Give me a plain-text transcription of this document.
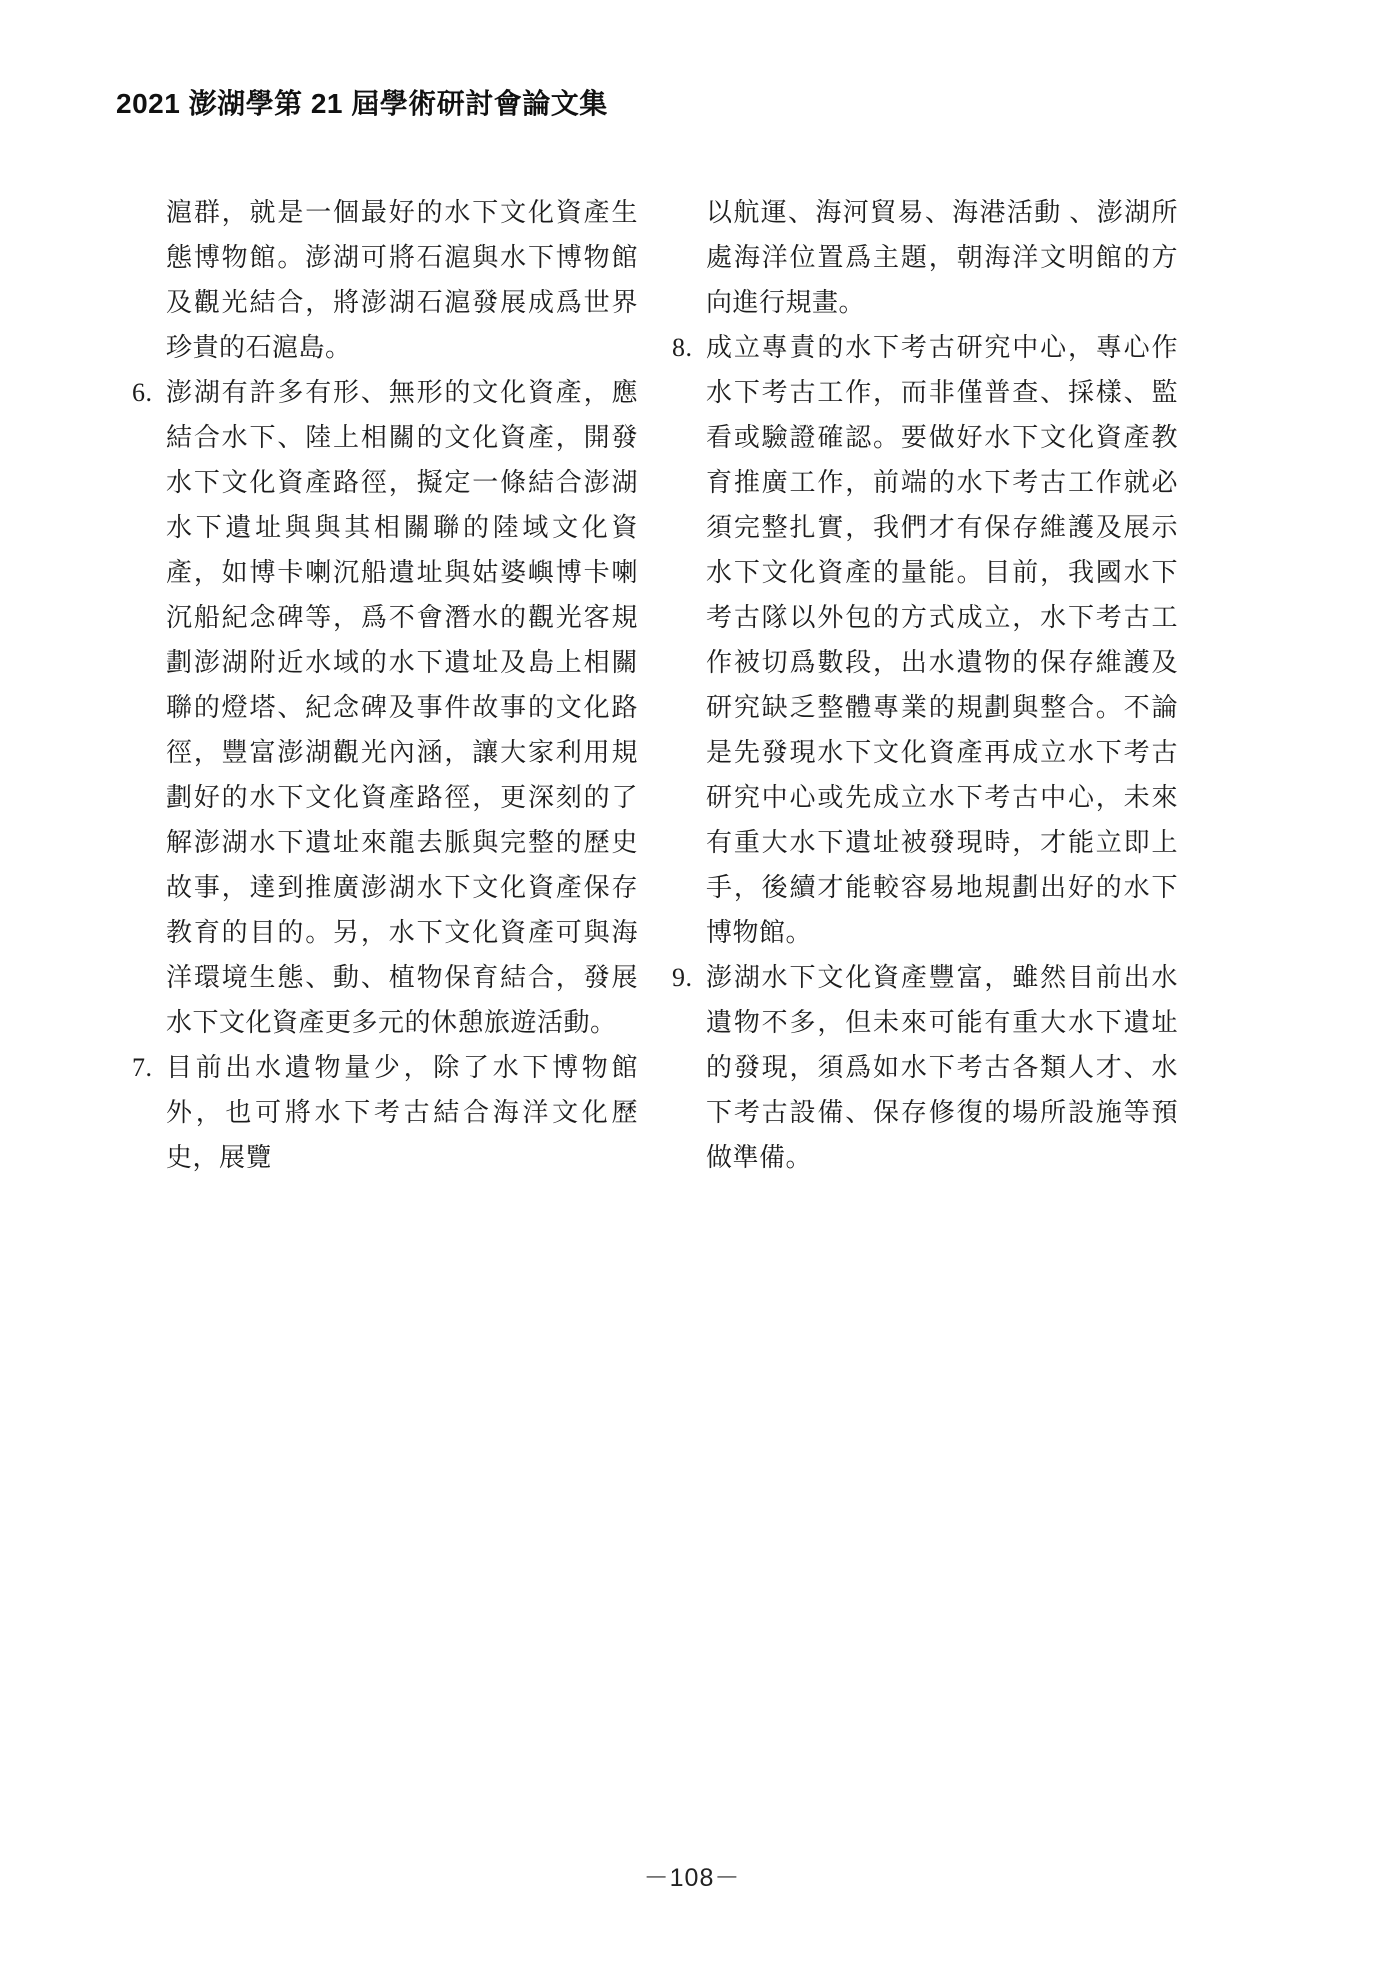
2021 澎湖學第 21 屆學術研討會論文集
滬群，就是一個最好的水下文化資產生態博物館。澎湖可將石滬與水下博物館及觀光結合，將澎湖石滬發展成爲世界珍貴的石滬島。
6. 澎湖有許多有形、無形的文化資產，應結合水下、陸上相關的文化資產，開發水下文化資產路徑，擬定一條結合澎湖水下遺址與與其相關聯的陸域文化資產，如博卡喇沉船遺址與姑婆嶼博卡喇沉船紀念碑等，爲不會潛水的觀光客規劃澎湖附近水域的水下遺址及島上相關聯的燈塔、紀念碑及事件故事的文化路徑，豐富澎湖觀光內涵，讓大家利用規劃好的水下文化資產路徑，更深刻的了解澎湖水下遺址來龍去脈與完整的歷史故事，達到推廣澎湖水下文化資產保存教育的目的。另，水下文化資產可與海洋環境生態、動、植物保育結合，發展水下文化資產更多元的休憩旅遊活動。
7. 目前出水遺物量少，除了水下博物館外，也可將水下考古結合海洋文化歷史，展覽
以航運、海河貿易、海港活動 、澎湖所處海洋位置爲主題，朝海洋文明館的方向進行規畫。
8. 成立專責的水下考古研究中心，專心作水下考古工作，而非僅普查、採樣、監看或驗證確認。要做好水下文化資產教育推廣工作，前端的水下考古工作就必須完整扎實，我們才有保存維護及展示水下文化資產的量能。目前，我國水下考古隊以外包的方式成立，水下考古工作被切爲數段，出水遺物的保存維護及研究缺乏整體專業的規劃與整合。不論是先發現水下文化資產再成立水下考古研究中心或先成立水下考古中心，未來有重大水下遺址被發現時，才能立即上手，後續才能較容易地規劃出好的水下博物館。
9. 澎湖水下文化資產豐富，雖然目前出水遺物不多，但未來可能有重大水下遺址的發現，須爲如水下考古各類人才、水下考古設備、保存修復的場所設施等預做準備。
－108－
